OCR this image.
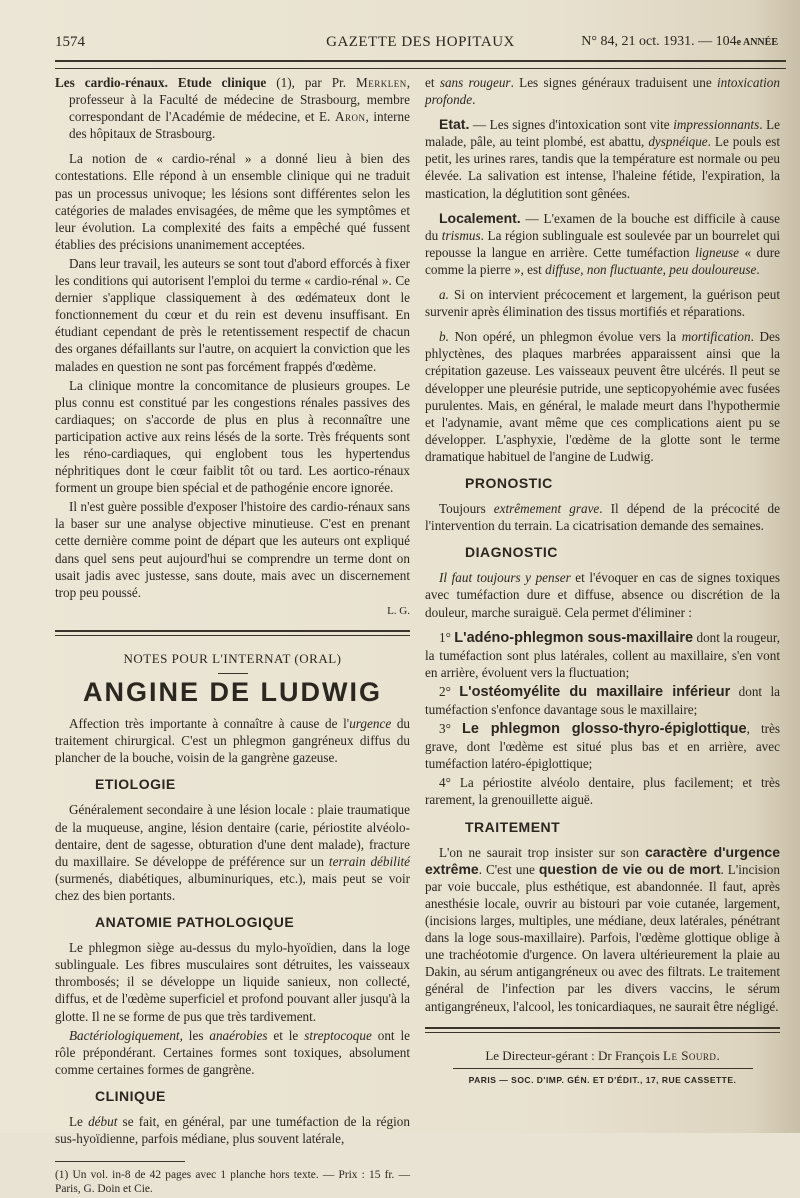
1574	GAZETTE DES HOPITAUX	N° 84, 21 oct. 1931. — 104e ANNÉE

Les cardio-rénaux. Etude clinique (1), par Pr. Merklen, professeur à la Faculté de médecine de Strasbourg, membre correspondant de l'Académie de médecine, et E. Aron, interne des hôpitaux de Strasbourg.

La notion de « cardio-rénal » a donné lieu à bien des contestations. Elle répond à un ensemble clinique qui ne traduit pas un processus univoque; les lésions sont différentes selon les catégories de malades envisagées, de même que les symptômes et leur évolution. La complexité des faits a empêché qué fussent établies des précisions unanimement acceptées.

Dans leur travail, les auteurs se sont tout d'abord efforcés à fixer les conditions qui autorisent l'emploi du terme « cardio-rénal ». Ce dernier s'applique classiquement à des œdémateux dont le fonctionnement du cœur et du rein est devenu insuffisant. En étudiant cependant de près le retentissement respectif de chacun des organes défaillants sur l'autre, on acquiert la conviction que les malades en question ne sont pas forcément frappés d'œdème.

La clinique montre la concomitance de plusieurs groupes. Le plus connu est constitué par les congestions rénales passives des cardiaques; on s'accorde de plus en plus à reconnaître une participation active aux reins lésés de la sorte. Très fréquents sont les réno-cardiaques, qui englobent tous les hypertendus néphritiques dont le cœur faiblit tôt ou tard. Les aortico-rénaux forment un groupe bien spécial et de pathogénie encore ignorée.

Il n'est guère possible d'exposer l'histoire des cardio-rénaux sans la baser sur une analyse objective minutieuse. C'est en prenant cette dernière comme point de départ que les auteurs ont expliqué dans quel sens peut aujourd'hui se comprendre un terme dont on usait jadis avec justesse, sans doute, mais avec un discernement trop peu poussé.

L. G.
NOTES POUR L'INTERNAT (ORAL)
ANGINE DE LUDWIG

Affection très importante à connaître à cause de l'urgence du traitement chirurgical. C'est un phlegmon gangréneux diffus du plancher de la bouche, voisin de la gangrène gazeuse.

ETIOLOGIE

Généralement secondaire à une lésion locale : plaie traumatique de la muqueuse, angine, lésion dentaire (carie, périostite alvéolo-dentaire, dent de sagesse, obturation d'une dent malade), fracture du maxillaire. Se développe de préférence sur un terrain débilité (surmenés, diabétiques, albuminuriques, etc.), mais peut se voir chez des bien portants.

ANATOMIE PATHOLOGIQUE

Le phlegmon siège au-dessus du mylo-hyoïdien, dans la loge sublinguale. Les fibres musculaires sont détruites, les vaisseaux thrombosés; il se développe un liquide sanieux, non collecté, diffus, et de l'œdème superficiel et profond pouvant aller jusqu'à la glotte. Il ne se forme de pus que très tardivement.

Bactériologiquement, les anaérobies et le streptocoque ont le rôle prépondérant. Certaines formes sont toxiques, absolument comme certaines formes de gangrène.

CLINIQUE

Le début se fait, en général, par une tuméfaction de la région sus-hyoïdienne, parfois médiane, plus souvent latérale,

(1) Un vol. in-8 de 42 pages avec 1 planche hors texte. — Prix : 15 fr. — Paris, G. Doin et Cie.

et sans rougeur. Les signes généraux traduisent une intoxication profonde.

Etat. — Les signes d'intoxication sont vite impressionnants. Le malade, pâle, au teint plombé, est abattu, dyspnéique. Le pouls est petit, les urines rares, tandis que la température est normale ou peu élevée. La salivation est intense, l'haleine fétide, l'expiration, la mastication, la déglutition sont gênées.

Localement. — L'examen de la bouche est difficile à cause du trismus. La région sublinguale est soulevée par un bourrelet qui repousse la langue en arrière. Cette tuméfaction ligneuse « dure comme la pierre », est diffuse, non fluctuante, peu douloureuse.

a. Si on intervient précocement et largement, la guérison peut survenir après élimination des tissus mortifiés et réparations.

b. Non opéré, un phlegmon évolue vers la mortification. Des phlyctènes, des plaques marbrées apparaissent ainsi que la crépitation gazeuse. Les vaisseaux peuvent être ulcérés. Il peut se développer une pleurésie putride, une septicopyohémie avec fusées purulentes. Mais, en général, le malade meurt dans l'hypothermie et l'adynamie, avant même que ces complications aient pu se développer. L'asphyxie, l'œdème de la glotte sont le terme dramatique habituel de l'angine de Ludwig.

PRONOSTIC

Toujours extrêmement grave. Il dépend de la précocité de l'intervention du terrain. La cicatrisation demande des semaines.

DIAGNOSTIC

Il faut toujours y penser et l'évoquer en cas de signes toxiques avec tuméfaction dure et diffuse, absence ou discrétion de la douleur, marche suraiguë. Cela permet d'éliminer :

1° L'adéno-phlegmon sous-maxillaire dont la rougeur, la tuméfaction sont plus latérales, collent au maxillaire, s'en vont en arrière, évoluent vers la fluctuation;

2° L'ostéomyélite du maxillaire inférieur dont la tuméfaction s'enfonce davantage sous le maxillaire;

3° Le phlegmon glosso-thyro-épiglottique, très grave, dont l'œdème est situé plus bas et en arrière, avec tuméfaction latéro-épiglottique;

4° La périostite alvéolo dentaire, plus facilement; et très rarement, la grenouillette aiguë.

TRAITEMENT

L'on ne saurait trop insister sur son caractère d'urgence extrême. C'est une question de vie ou de mort. L'incision par voie buccale, plus esthétique, est abandonnée. Il faut, après anesthésie locale, ouvrir au bistouri par voie cutanée, largement, (incisions larges, multiples, une médiane, deux latérales, pénétrant dans la loge sous-maxillaire). Parfois, l'œdème glottique oblige à une trachéotomie d'urgence. On lavera ultérieurement la plaie au Dakin, au sérum antigangréneux ou avec des filtrats. Le traitement général de l'infection par les divers vaccins, le sérum antigangréneux, l'alcool, les tonicardiaques, ne saurait être négligé.

Le Directeur-gérant : Dr François Le Sourd.
PARIS — SOC. D'IMP. GÉN. ET D'ÉDIT., 17, RUE CASSETTE.
